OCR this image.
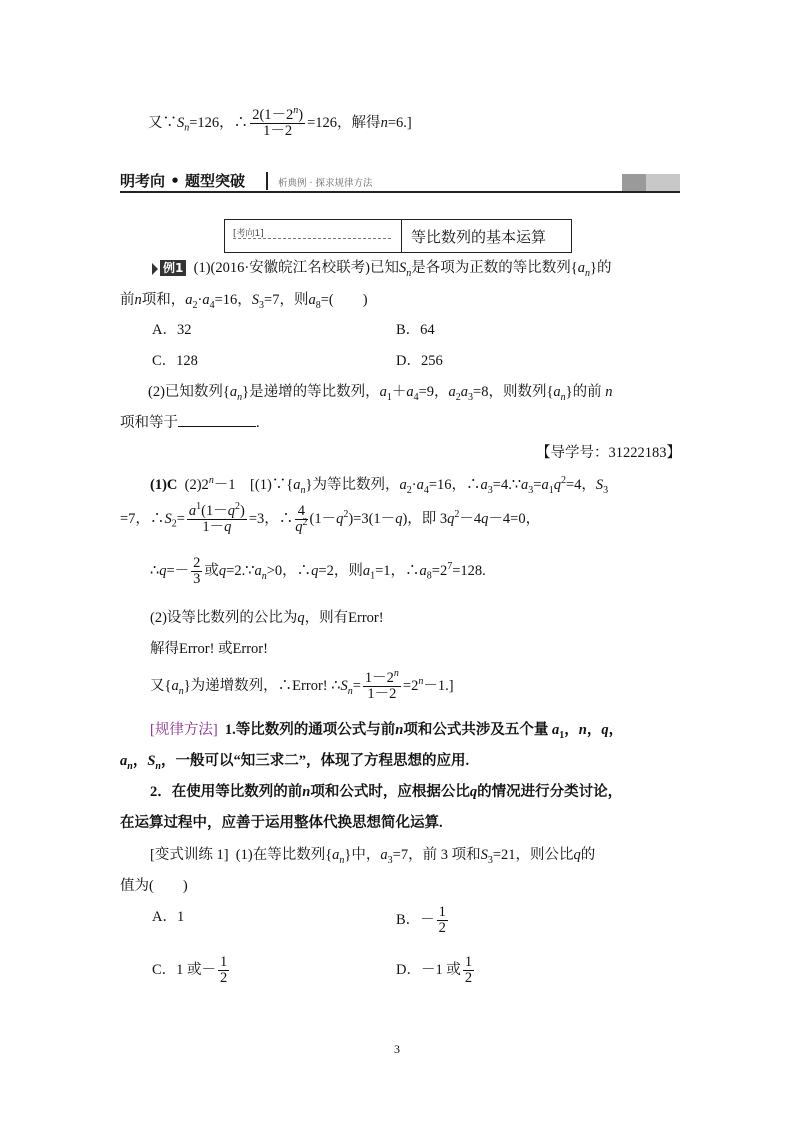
又$\because S_n=126$，∴ $\frac{2(1-2^n)}{1-2} =126$，解得n=6.]
明考向 • 题型突破	析典例 · 探求规律方法
[考向1]	等比数列的基本运算
例1 (1)(2016·安徽皖江名校联考)已知$S_n$是各项为正数的等比数列$\{a_n\}$的
前n项和，$a_2\cdot a_4=16$，$S_3=7$，则$a_8=$(　　)
A．32	B．64
C．128	D．256
(2)已知数列$\{a_n\}$是递增的等比数列，$a_1+a_4=9$，$a_2a_3=8$，则数列$\{a_n\}$的前 n
项和等于	.
【导学号：31222183】
(1)C $(2)2^n-1$　[$(1)\because\{a_n\}$为等比数列，$a_2\cdot a_4=16$，$\therefore a_3=4.\because a_3=a_1q^2=4$，$S_3$
=7，$\therefore S_2= \frac{a^1(1-q^2)}{1-q} =3$，∴ $\frac{4}{q^2} (1-q^2)=3(1-q)$，即 $3q^2-4q-4=0$，
∴q=－ $\frac{2}{3}$ 或$q=2.\because a_n>0$，∴q=2，则$a_1=1$，$\therefore a_8=2^7=128$.
(2)设等比数列的公比为q，则有Error!
解得Error! 或Error!
又$\{a_n\}$为递增数列，∴Error! $\therefore S_n= \frac{1-2^n}{1-2} =2^n-1$.]
[规律方法] 1.等比数列的通项公式与前n项和公式共涉及五个量 $a_1$，n，q，
$a_n$，$S_n$，一般可以“知三求二”，体现了方程思想的应用.
2．在使用等比数列的前n项和公式时，应根据公比q的情况进行分类讨论，
在运算过程中，应善于运用整体代换思想简化运算.
[变式训练 1] (1)在等比数列$\{a_n\}$中，$a_3=7$，前 3 项和$S_3=21$，则公比q的
值为(　　)
A．1	B．－ $\frac{1}{2}$
C．1 或－ $\frac{1}{2}$	D．－1 或 $\frac{1}{2}$
3
